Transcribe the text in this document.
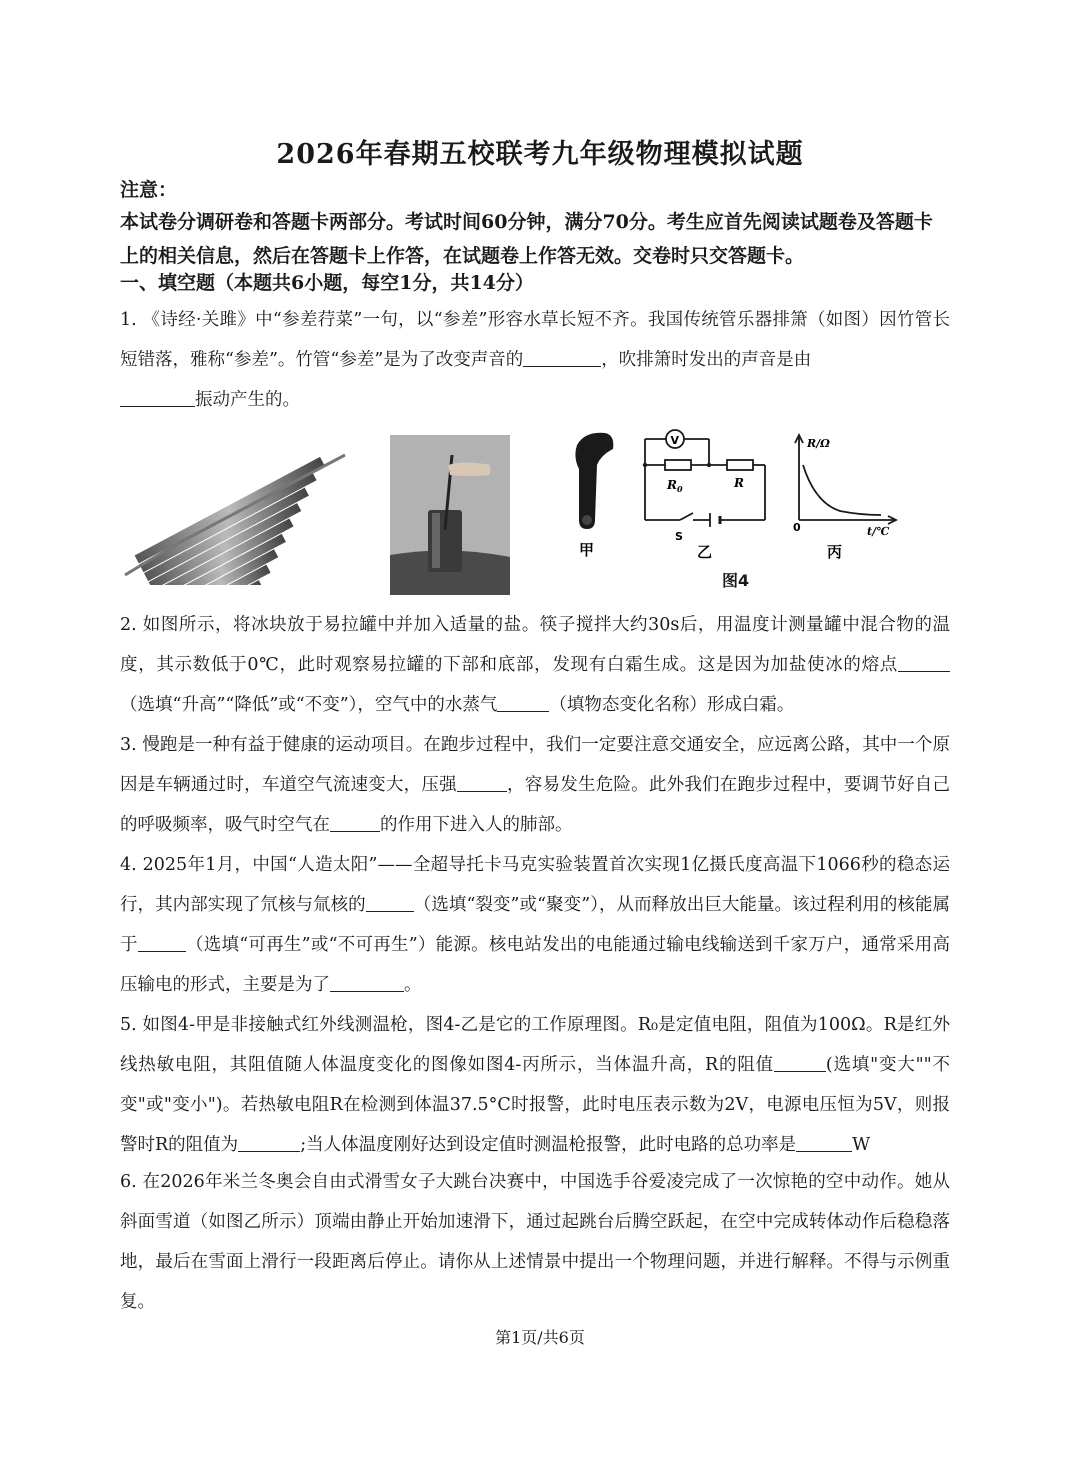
2026年春期五校联考九年级物理模拟试题
注意：
本试卷分调研卷和答题卡两部分。考试时间60分钟，满分70分。考生应首先阅读试题卷及答题卡上的相关信息，然后在答题卡上作答，在试题卷上作答无效。交卷时只交答题卡。
一、填空题（本题共6小题，每空1分，共14分）
1. 《诗经·关雎》中“参差荇菜”一句，以“参差”形容水草长短不齐。我国传统管乐器排箫（如图）因竹管长短错落，雅称“参差”。竹管“参差”是为了改变声音的	，吹排箫时发出的声音是由
振动产生的。
甲
V
$R_0$	R
S
乙
R/Ω
0	t/℃
丙
图4
2. 如图所示，将冰块放于易拉罐中并加入适量的盐。筷子搅拌大约30s后，用温度计测量罐中混合物的温度，其示数低于0℃，此时观察易拉罐的下部和底部，发现有白霜生成。这是因为加盐使冰的熔点（选填“升高”“降低”或“不变”），空气中的水蒸气	（填物态变化名称）形成白霜。
3. 慢跑是一种有益于健康的运动项目。在跑步过程中，我们一定要注意交通安全，应远离公路，其中一个原因是车辆通过时，车道空气流速变大，压强	，容易发生危险。此外我们在跑步过程中，要调节好自己的呼吸频率，吸气时空气在	的作用下进入人的肺部。
4. 2025年1月，中国“人造太阳”——全超导托卡马克实验装置首次实现1亿摄氏度高温下1066秒的稳态运行，其内部实现了氘核与氚核的	（选填“裂变”或“聚变”），从而释放出巨大能量。该过程利用的核能属于	（选填“可再生”或“不可再生”）能源。核电站发出的电能通过输电线输送到千家万户，通常采用高压输电的形式，主要是为了	。
5. 如图4-甲是非接触式红外线测温枪，图4-乙是它的工作原理图。R₀是定值电阻，阻值为100Ω。R是红外线热敏电阻，其阻值随人体温度变化的图像如图4-丙所示，当体温升高，R的阻值	(选填"变大""不变"或"变小")。若热敏电阻R在检测到体温37.5°C时报警，此时电压表示数为2V，电源电压恒为5V，则报警时R的阻值为	;当人体温度刚好达到设定值时测温枪报警，此时电路的总功率是	W
6. 在2026年米兰冬奥会自由式滑雪女子大跳台决赛中，中国选手谷爱凌完成了一次惊艳的空中动作。她从斜面雪道（如图乙所示）顶端由静止开始加速滑下，通过起跳台后腾空跃起，在空中完成转体动作后稳稳落地，最后在雪面上滑行一段距离后停止。请你从上述情景中提出一个物理问题，并进行解释。不得与示例重复。
第1页/共6页
